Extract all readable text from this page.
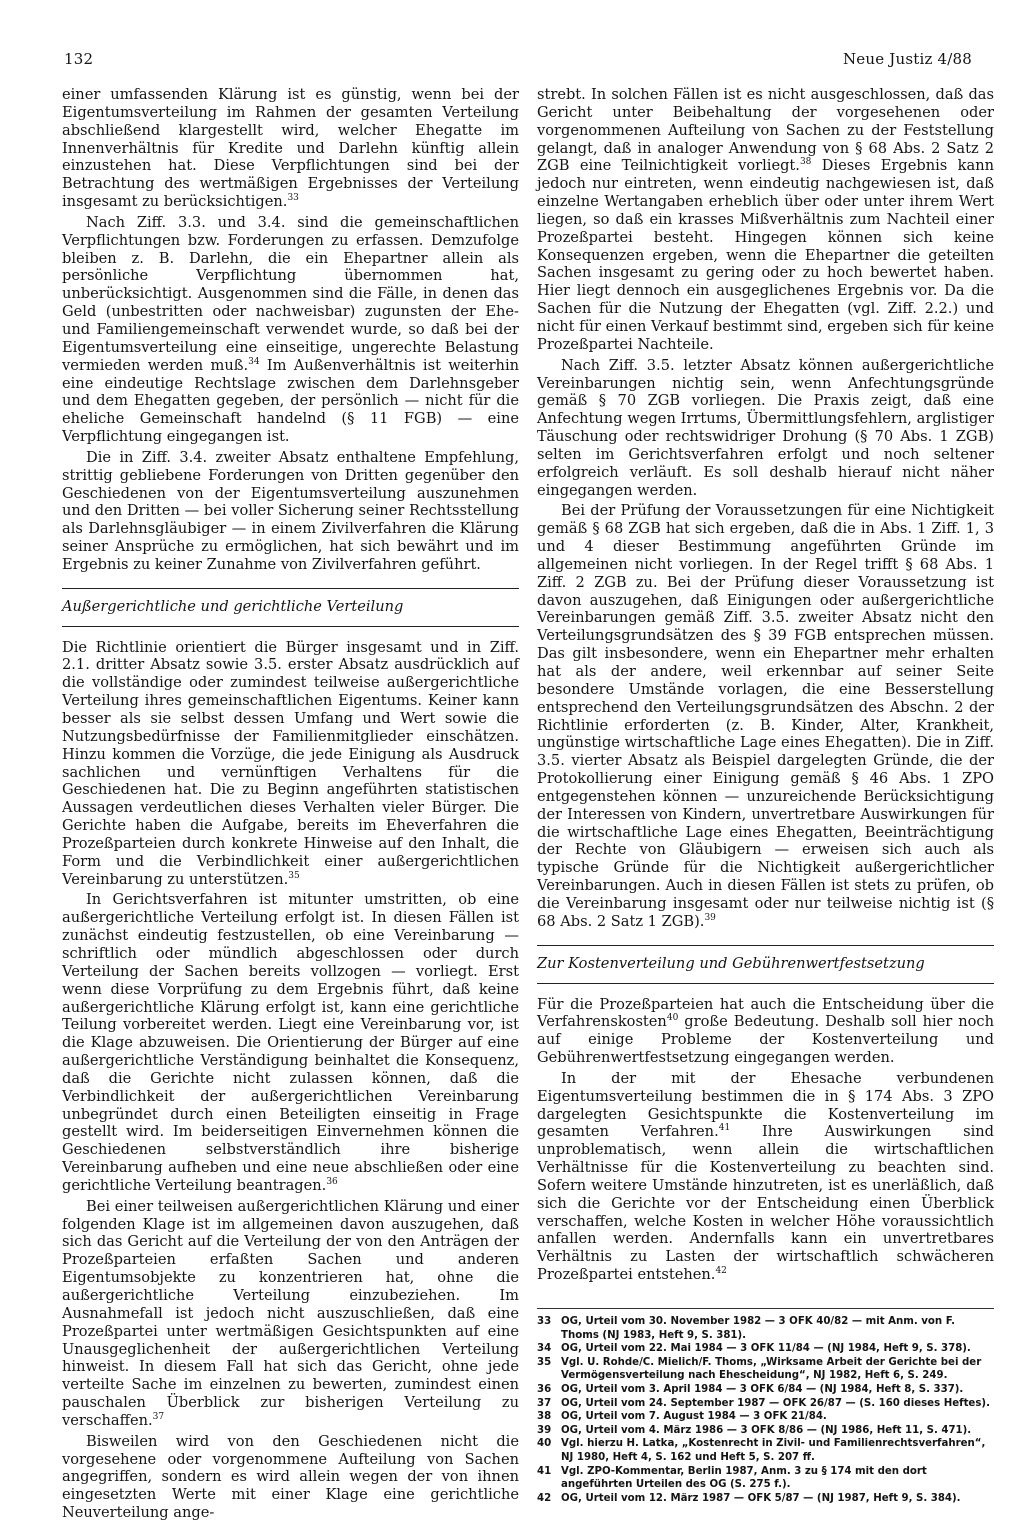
132	Neue Justiz 4/88

einer umfassenden Klärung ist es günstig, wenn bei der Eigentumsverteilung im Rahmen der gesamten Verteilung abschließend klargestellt wird, welcher Ehegatte im Innenverhältnis für Kredite und Darlehn künftig allein einzustehen hat. Diese Verpflichtungen sind bei der Betrachtung des wertmäßigen Ergebnisses der Verteilung insgesamt zu berücksichtigen.$^{33}$

Nach Ziff. 3.3. und 3.4. sind die gemeinschaftlichen Verpflichtungen bzw. Forderungen zu erfassen. Demzufolge bleiben z. B. Darlehn, die ein Ehepartner allein als persönliche Verpflichtung übernommen hat, unberücksichtigt. Ausgenommen sind die Fälle, in denen das Geld (unbestritten oder nachweisbar) zugunsten der Ehe- und Familiengemeinschaft verwendet wurde, so daß bei der Eigentumsverteilung eine einseitige, ungerechte Belastung vermieden werden muß.$^{34}$ Im Außenverhältnis ist weiterhin eine eindeutige Rechtslage zwischen dem Darlehnsgeber und dem Ehegatten gegeben, der persönlich — nicht für die eheliche Gemeinschaft handelnd (§ 11 FGB) — eine Verpflichtung eingegangen ist.

Die in Ziff. 3.4. zweiter Absatz enthaltene Empfehlung, strittig gebliebene Forderungen von Dritten gegenüber den Geschiedenen von der Eigentumsverteilung auszunehmen und den Dritten — bei voller Sicherung seiner Rechtsstellung als Darlehnsgläubiger — in einem Zivilverfahren die Klärung seiner Ansprüche zu ermöglichen, hat sich bewährt und im Ergebnis zu keiner Zunahme von Zivilverfahren geführt.

Außergerichtliche und gerichtliche Verteilung

Die Richtlinie orientiert die Bürger insgesamt und in Ziff. 2.1. dritter Absatz sowie 3.5. erster Absatz ausdrücklich auf die vollständige oder zumindest teilweise außergerichtliche Verteilung ihres gemeinschaftlichen Eigentums. Keiner kann besser als sie selbst dessen Umfang und Wert sowie die Nutzungsbedürfnisse der Familienmitglieder einschätzen. Hinzu kommen die Vorzüge, die jede Einigung als Ausdruck sachlichen und vernünftigen Verhaltens für die Geschiedenen hat. Die zu Beginn angeführten statistischen Aussagen verdeutlichen dieses Verhalten vieler Bürger. Die Gerichte haben die Aufgabe, bereits im Eheverfahren die Prozeßparteien durch konkrete Hinweise auf den Inhalt, die Form und die Verbindlichkeit einer außergerichtlichen Vereinbarung zu unterstützen.$^{35}$

In Gerichtsverfahren ist mitunter umstritten, ob eine außergerichtliche Verteilung erfolgt ist. In diesen Fällen ist zunächst eindeutig festzustellen, ob eine Vereinbarung — schriftlich oder mündlich abgeschlossen oder durch Verteilung der Sachen bereits vollzogen — vorliegt. Erst wenn diese Vorprüfung zu dem Ergebnis führt, daß keine außergerichtliche Klärung erfolgt ist, kann eine gerichtliche Teilung vorbereitet werden. Liegt eine Vereinbarung vor, ist die Klage abzuweisen. Die Orientierung der Bürger auf eine außergerichtliche Verständigung beinhaltet die Konsequenz, daß die Gerichte nicht zulassen können, daß die Verbindlichkeit der außergerichtlichen Vereinbarung unbegründet durch einen Beteiligten einseitig in Frage gestellt wird. Im beiderseitigen Einvernehmen können die Geschiedenen selbstverständlich ihre bisherige Vereinbarung aufheben und eine neue abschließen oder eine gerichtliche Verteilung beantragen.$^{36}$

Bei einer teilweisen außergerichtlichen Klärung und einer folgenden Klage ist im allgemeinen davon auszugehen, daß sich das Gericht auf die Verteilung der von den Anträgen der Prozeßparteien erfaßten Sachen und anderen Eigentumsobjekte zu konzentrieren hat, ohne die außergerichtliche Verteilung einzubeziehen. Im Ausnahmefall ist jedoch nicht auszuschließen, daß eine Prozeßpartei unter wertmäßigen Gesichtspunkten auf eine Unausgeglichenheit der außergerichtlichen Verteilung hinweist. In diesem Fall hat sich das Gericht, ohne jede verteilte Sache im einzelnen zu bewerten, zumindest einen pauschalen Überblick zur bisherigen Verteilung zu verschaffen.$^{37}$

Bisweilen wird von den Geschiedenen nicht die vorgesehene oder vorgenommene Aufteilung von Sachen angegriffen, sondern es wird allein wegen der von ihnen eingesetzten Werte mit einer Klage eine gerichtliche Neuverteilung ange-

strebt. In solchen Fällen ist es nicht ausgeschlossen, daß das Gericht unter Beibehaltung der vorgesehenen oder vorgenommenen Aufteilung von Sachen zu der Feststellung gelangt, daß in analoger Anwendung von § 68 Abs. 2 Satz 2 ZGB eine Teilnichtigkeit vorliegt.$^{38}$ Dieses Ergebnis kann jedoch nur eintreten, wenn eindeutig nachgewiesen ist, daß einzelne Wertangaben erheblich über oder unter ihrem Wert liegen, so daß ein krasses Mißverhältnis zum Nachteil einer Prozeßpartei besteht. Hingegen können sich keine Konsequenzen ergeben, wenn die Ehepartner die geteilten Sachen insgesamt zu gering oder zu hoch bewertet haben. Hier liegt dennoch ein ausgeglichenes Ergebnis vor. Da die Sachen für die Nutzung der Ehegatten (vgl. Ziff. 2.2.) und nicht für einen Verkauf bestimmt sind, ergeben sich für keine Prozeßpartei Nachteile.

Nach Ziff. 3.5. letzter Absatz können außergerichtliche Vereinbarungen nichtig sein, wenn Anfechtungsgründe gemäß § 70 ZGB vorliegen. Die Praxis zeigt, daß eine Anfechtung wegen Irrtums, Übermittlungsfehlern, arglistiger Täuschung oder rechtswidriger Drohung (§ 70 Abs. 1 ZGB) selten im Gerichtsverfahren erfolgt und noch seltener erfolgreich verläuft. Es soll deshalb hierauf nicht näher eingegangen werden.

Bei der Prüfung der Voraussetzungen für eine Nichtigkeit gemäß § 68 ZGB hat sich ergeben, daß die in Abs. 1 Ziff. 1, 3 und 4 dieser Bestimmung angeführten Gründe im allgemeinen nicht vorliegen. In der Regel trifft § 68 Abs. 1 Ziff. 2 ZGB zu. Bei der Prüfung dieser Voraussetzung ist davon auszugehen, daß Einigungen oder außergerichtliche Vereinbarungen gemäß Ziff. 3.5. zweiter Absatz nicht den Verteilungsgrundsätzen des § 39 FGB entsprechen müssen. Das gilt insbesondere, wenn ein Ehepartner mehr erhalten hat als der andere, weil erkennbar auf seiner Seite besondere Umstände vorlagen, die eine Besserstellung entsprechend den Verteilungsgrundsätzen des Abschn. 2 der Richtlinie erforderten (z. B. Kinder, Alter, Krankheit, ungünstige wirtschaftliche Lage eines Ehegatten). Die in Ziff. 3.5. vierter Absatz als Beispiel dargelegten Gründe, die der Protokollierung einer Einigung gemäß § 46 Abs. 1 ZPO entgegenstehen können — unzureichende Berücksichtigung der Interessen von Kindern, unvertretbare Auswirkungen für die wirtschaftliche Lage eines Ehegatten, Beeinträchtigung der Rechte von Gläubigern — erweisen sich auch als typische Gründe für die Nichtigkeit außergerichtlicher Vereinbarungen. Auch in diesen Fällen ist stets zu prüfen, ob die Vereinbarung insgesamt oder nur teilweise nichtig ist (§ 68 Abs. 2 Satz 1 ZGB).$^{39}$

Zur Kostenverteilung und Gebührenwertfestsetzung

Für die Prozeßparteien hat auch die Entscheidung über die Verfahrenskosten$^{40}$ große Bedeutung. Deshalb soll hier noch auf einige Probleme der Kostenverteilung und Gebührenwertfestsetzung eingegangen werden.

In der mit der Ehesache verbundenen Eigentumsverteilung bestimmen die in § 174 Abs. 3 ZPO dargelegten Gesichtspunkte die Kostenverteilung im gesamten Verfahren.$^{41}$ Ihre Auswirkungen sind unproblematisch, wenn allein die wirtschaftlichen Verhältnisse für die Kostenverteilung zu beachten sind. Sofern weitere Umstände hinzutreten, ist es unerläßlich, daß sich die Gerichte vor der Entscheidung einen Überblick verschaffen, welche Kosten in welcher Höhe voraussichtlich anfallen werden. Andernfalls kann ein unvertretbares Verhältnis zu Lasten der wirtschaftlich schwächeren Prozeßpartei entstehen.$^{42}$

33 OG, Urteil vom 30. November 1982 — 3 OFK 40/82 — mit Anm. von F. Thoms (NJ 1983, Heft 9, S. 381).
34 OG, Urteil vom 22. Mai 1984 — 3 OFK 11/84 — (NJ 1984, Heft 9, S. 378).
35 Vgl. U. Rohde/C. Mielich/F. Thoms, „Wirksame Arbeit der Gerichte bei der Vermögensverteilung nach Ehescheidung“, NJ 1982, Heft 6, S. 249.
36 OG, Urteil vom 3. April 1984 — 3 OFK 6/84 — (NJ 1984, Heft 8, S. 337).
37 OG, Urteil vom 24. September 1987 — OFK 26/87 — (S. 160 dieses Heftes).
38 OG, Urteil vom 7. August 1984 — 3 OFK 21/84.
39 OG, Urteil vom 4. März 1986 — 3 OFK 8/86 — (NJ 1986, Heft 11, S. 471).
40 Vgl. hierzu H. Latka, „Kostenrecht in Zivil- und Familienrechtsverfahren“, NJ 1980, Heft 4, S. 162 und Heft 5, S. 207 ff.
41 Vgl. ZPO-Kommentar, Berlin 1987, Anm. 3 zu § 174 mit den dort angeführten Urteilen des OG (S. 275 f.).
42 OG, Urteil vom 12. März 1987 — OFK 5/87 — (NJ 1987, Heft 9, S. 384).
